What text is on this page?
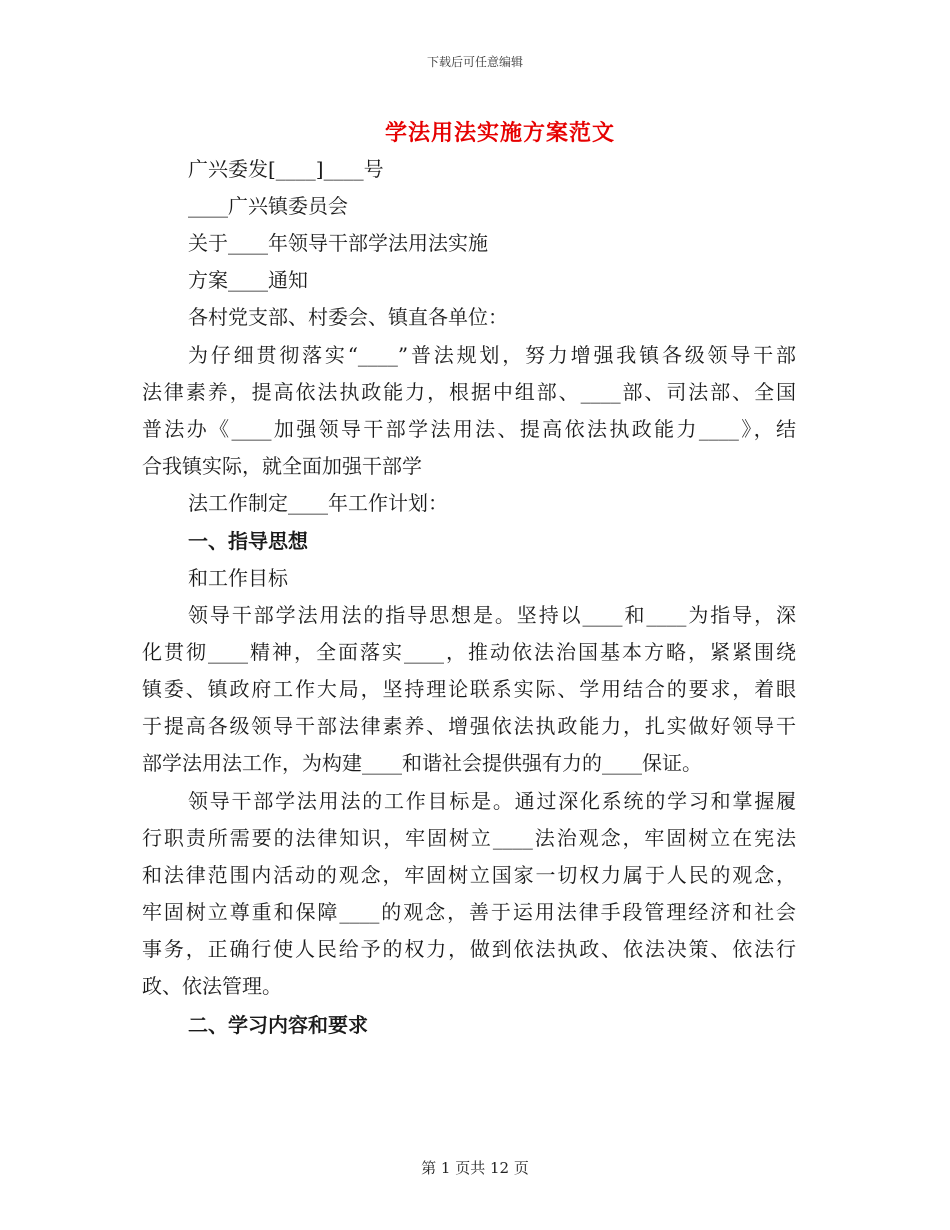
下载后可任意编辑
学法用法实施方案范文
广兴委发[____]____号
____广兴镇委员会
关于____年领导干部学法用法实施
方案____通知
各村党支部、村委会、镇直各单位：
为仔细贯彻落实“____”普法规划，努力增强我镇各级领导干部
法律素养，提高依法执政能力，根据中组部、____部、司法部、全国
普法办《____加强领导干部学法用法、提高依法执政能力____》，结
合我镇实际，就全面加强干部学
法工作制定____年工作计划：
一、指导思想
和工作目标
领导干部学法用法的指导思想是。坚持以____和____为指导，深
化贯彻____精神，全面落实____，推动依法治国基本方略，紧紧围绕
镇委、镇政府工作大局，坚持理论联系实际、学用结合的要求，着眼
于提高各级领导干部法律素养、增强依法执政能力，扎实做好领导干
部学法用法工作，为构建____和谐社会提供强有力的____保证。
领导干部学法用法的工作目标是。通过深化系统的学习和掌握履
行职责所需要的法律知识，牢固树立____法治观念，牢固树立在宪法
和法律范围内活动的观念，牢固树立国家一切权力属于人民的观念，
牢固树立尊重和保障____的观念，善于运用法律手段管理经济和社会
事务，正确行使人民给予的权力，做到依法执政、依法决策、依法行
政、依法管理。
二、学习内容和要求
第 1 页共 12 页
